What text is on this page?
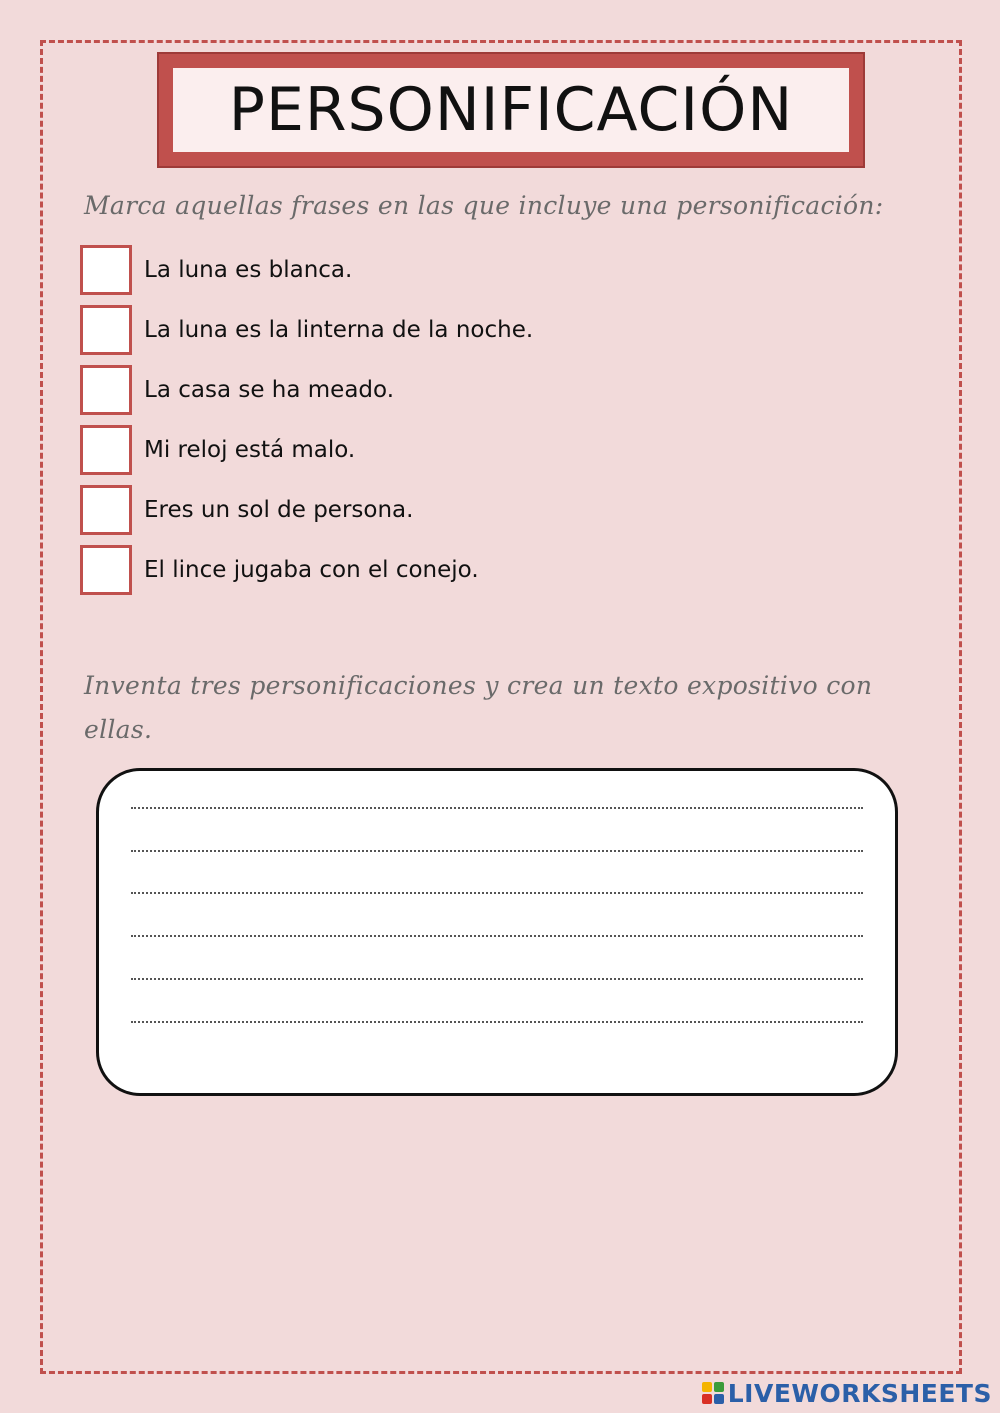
PERSONIFICACIÓN
Marca aquellas frases en las que incluye una personificación:
La luna es blanca.
La luna es la linterna de la noche.
La casa se ha meado.
Mi reloj está malo.
Eres un sol de persona.
El lince jugaba con el conejo.
Inventa tres personificaciones y crea un texto expositivo con ellas.
LIVEWORKSHEETS
